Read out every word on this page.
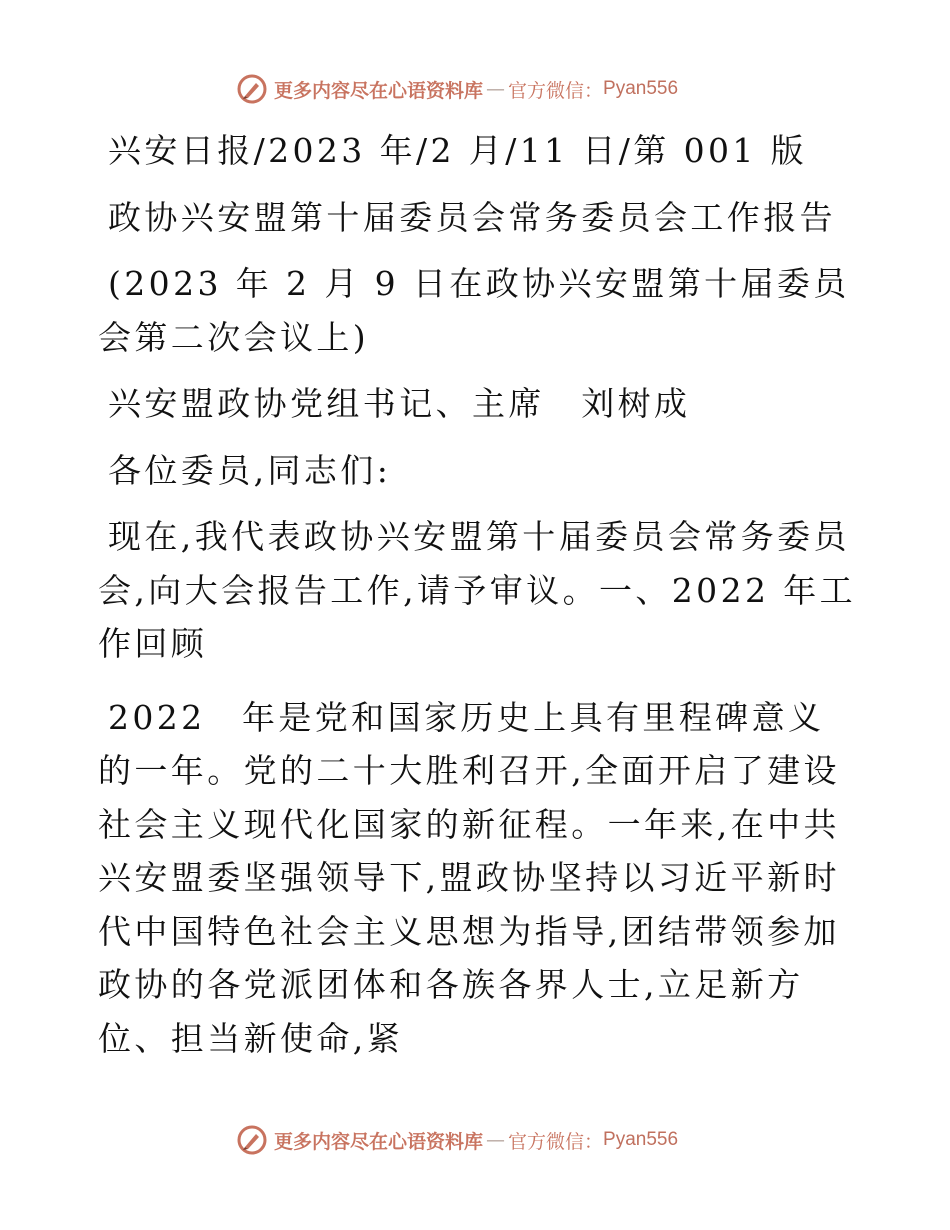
更多内容尽在心语资料库 — 官方微信： Pyan556

兴安日报/2023 年/2 月/11 日/第 001 版

政协兴安盟第十届委员会常务委员会工作报告

(2023 年 2 月 9 日在政协兴安盟第十届委员会第二次会议上)

兴安盟政协党组书记、主席　刘树成

各位委员,同志们:

现在,我代表政协兴安盟第十届委员会常务委员会,向大会报告工作,请予审议。一、2022 年工作回顾

2022　年是党和国家历史上具有里程碑意义的一年。党的二十大胜利召开,全面开启了建设社会主义现代化国家的新征程。一年来,在中共兴安盟委坚强领导下,盟政协坚持以习近平新时代中国特色社会主义思想为指导,团结带领参加政协的各党派团体和各族各界人士,立足新方位、担当新使命,紧

更多内容尽在心语资料库 — 官方微信： Pyan556
